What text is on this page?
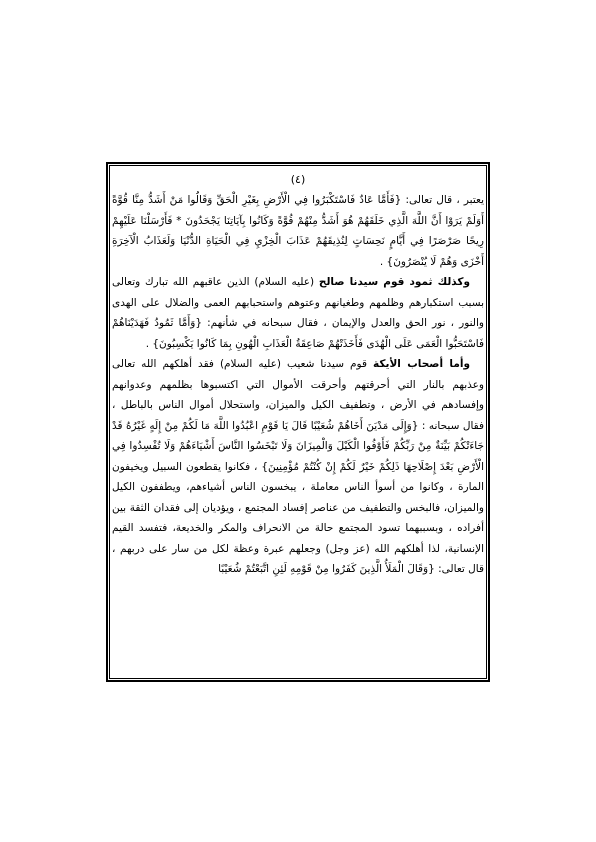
(٤)

يعتبر ، قال تعالى: {فَأَمَّا عَادٌ فَاسْتَكْبَرُوا فِي الْأَرْضِ بِغَيْرِ الْحَقِّ وَقَالُوا مَنْ أَشَدُّ مِنَّا قُوَّةً أَوَلَمْ يَرَوْا أَنَّ اللَّهَ الَّذِي خَلَقَهُمْ هُوَ أَشَدُّ مِنْهُمْ قُوَّةً وَكَانُوا بِآيَاتِنَا يَجْحَدُونَ * فَأَرْسَلْنَا عَلَيْهِمْ رِيحًا صَرْصَرًا فِي أَيَّامٍ نَحِسَاتٍ لِنُذِيقَهُمْ عَذَابَ الْخِزْيِ فِي الْحَيَاةِ الدُّنْيَا وَلَعَذَابُ الْآخِرَةِ أَخْزَى وَهُمْ لَا يُنْصَرُونَ} .

وكذلك ثمود قوم سيدنا صالح (عليه السلام) الذين عاقبهم الله تبارك وتعالى بسبب استكبارهم وظلمهم وطغيانهم وعتوهم واستحبابهم العمى والضلال على الهدى والنور ، نور الحق والعدل والإيمان ، فقال سبحانه في شأنهم: {وَأَمَّا ثَمُودُ فَهَدَيْنَاهُمْ فَاسْتَحَبُّوا الْعَمَى عَلَى الْهُدَى فَأَخَذَتْهُمْ صَاعِقَةُ الْعَذَابِ الْهُونِ بِمَا كَانُوا يَكْسِبُونَ} .

وأما أصحاب الأيكة قوم سيدنا شعيب (عليه السلام) فقد أهلكهم الله تعالى وعذبهم بالنار التي أحرقتهم وأحرقت الأموال التي اكتسبوها بظلمهم وعدوانهم وإفسادهم في الأرض ، وتطفيف الكيل والميزان، واستحلال أموال الناس بالباطل ، فقال سبحانه : {وَإِلَى مَدْيَنَ أَخَاهُمْ شُعَيْبًا قَالَ يَا قَوْمِ اعْبُدُوا اللَّهَ مَا لَكُمْ مِنْ إِلَهٍ غَيْرُهُ قَدْ جَاءَتْكُمْ بَيِّنَةٌ مِنْ رَبِّكُمْ فَأَوْفُوا الْكَيْلَ وَالْمِيزَانَ وَلَا تَبْخَسُوا النَّاسَ أَشْيَاءَهُمْ وَلَا تُفْسِدُوا فِي الْأَرْضِ بَعْدَ إِصْلَاحِهَا ذَلِكُمْ خَيْرٌ لَكُمْ إِنْ كُنْتُمْ مُؤْمِنِينَ} ، فكانوا يقطعون السبيل ويخيفون المارة ، وكانوا من أسوأ الناس معاملة ، يبخسون الناس أشياءهم، ويطففون الكيل والميزان، فالبخس والتطفيف من عناصر إفساد المجتمع ، ويؤديان إلى فقدان الثقة بين أفراده ، وبسببهما تسود المجتمع حالة من الانحراف والمكر والخديعة، فتفسد القيم الإنسانية، لذا أهلكهم الله (عز وجل) وجعلهم عبرة وعظة لكل من سار على دربهم ، قال تعالى: {وَقَالَ الْمَلَأُ الَّذِينَ كَفَرُوا مِنْ قَوْمِهِ لَئِنِ اتَّبَعْتُمْ شُعَيْبًا
